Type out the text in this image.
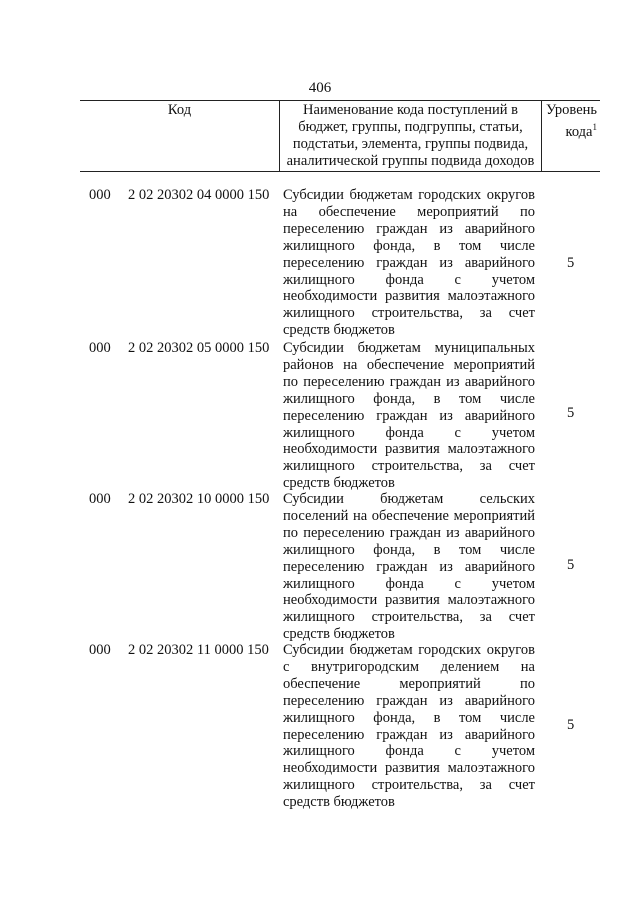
406
Код	Наименование кода поступлений в бюджет, группы, подгруппы, статьи, подстатьи, элемента, группы подвида, аналитической группы подвида доходов	Уровень кода$^1$
000 2 02 20302 04 0000 150 Субсидии бюджетам городских округов на обеспечение мероприятий по переселению граждан из аварийного жилищного фонда, в том числе переселению граждан из аварийного жилищного фонда с учетом необходимости развития малоэтажного жилищного строительства, за счет средств бюджетов
5
000 2 02 20302 05 0000 150 Субсидии бюджетам муниципальных районов на обеспечение мероприятий по переселению граждан из аварийного жилищного фонда, в том числе переселению граждан из аварийного жилищного фонда с учетом необходимости развития малоэтажного жилищного строительства, за счет средств бюджетов
5
000 2 02 20302 10 0000 150 Субсидии бюджетам сельских поселений на обеспечение мероприятий по переселению граждан из аварийного жилищного фонда, в том числе переселению граждан из аварийного жилищного фонда с учетом необходимости развития малоэтажного жилищного строительства, за счет средств бюджетов
5
000 2 02 20302 11 0000 150 Субсидии бюджетам городских округов с внутригородским делением на обеспечение мероприятий по переселению граждан из аварийного жилищного фонда, в том числе переселению граждан из аварийного жилищного фонда с учетом необходимости развития малоэтажного жилищного строительства, за счет средств бюджетов
5
